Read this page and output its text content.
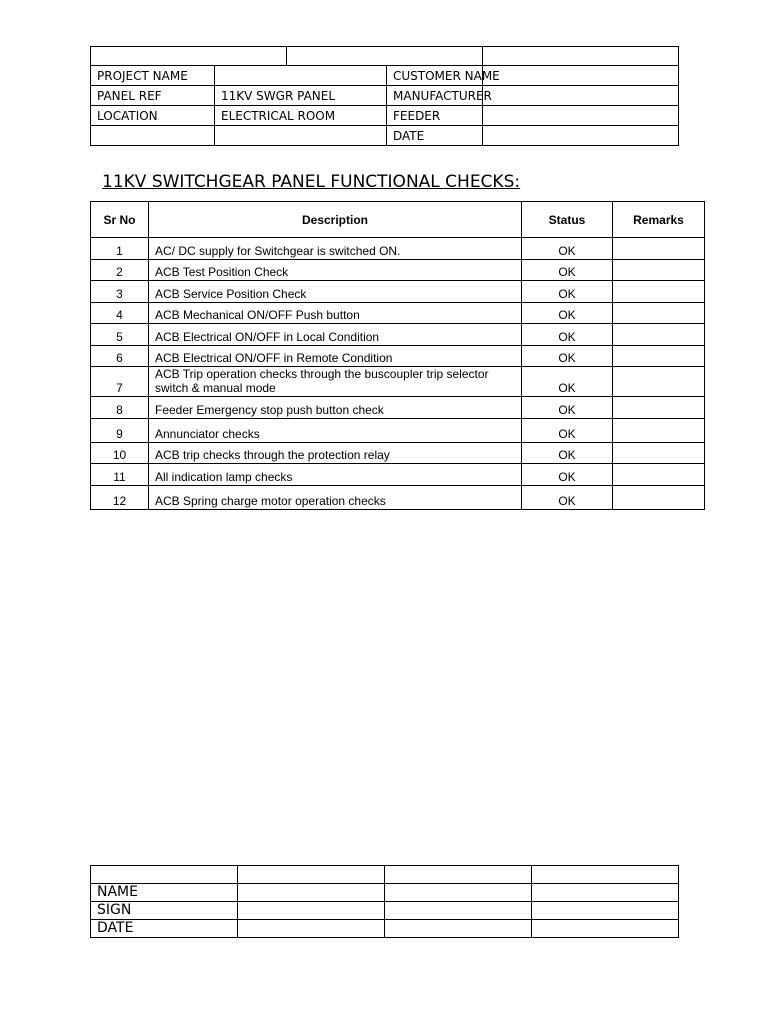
PROJECT NAME			CUSTOMER NAME	
PANEL REF	11KV SWGR PANEL		MANUFACTURER	
LOCATION	ELECTRICAL ROOM		FEEDER	
			DATE	
11KV SWITCHGEAR PANEL FUNCTIONAL CHECKS:
Sr No	Description	Status	Remarks
1	AC/ DC supply for Switchgear is switched ON.	OK	
2	ACB Test Position Check	OK	
3	ACB Service Position Check	OK	
4	ACB Mechanical ON/OFF Push button	OK	
5	ACB Electrical ON/OFF in Local Condition	OK	
6	ACB Electrical ON/OFF in Remote Condition	OK	
7	ACB Trip operation checks through the buscoupler trip selector switch & manual mode	OK	
8	Feeder Emergency stop push button check	OK	
9	Annunciator checks	OK	
10	ACB trip checks through the protection relay	OK	
11	All indication lamp checks	OK	
12	ACB Spring charge motor operation checks	OK	

NAME			
SIGN			
DATE			
